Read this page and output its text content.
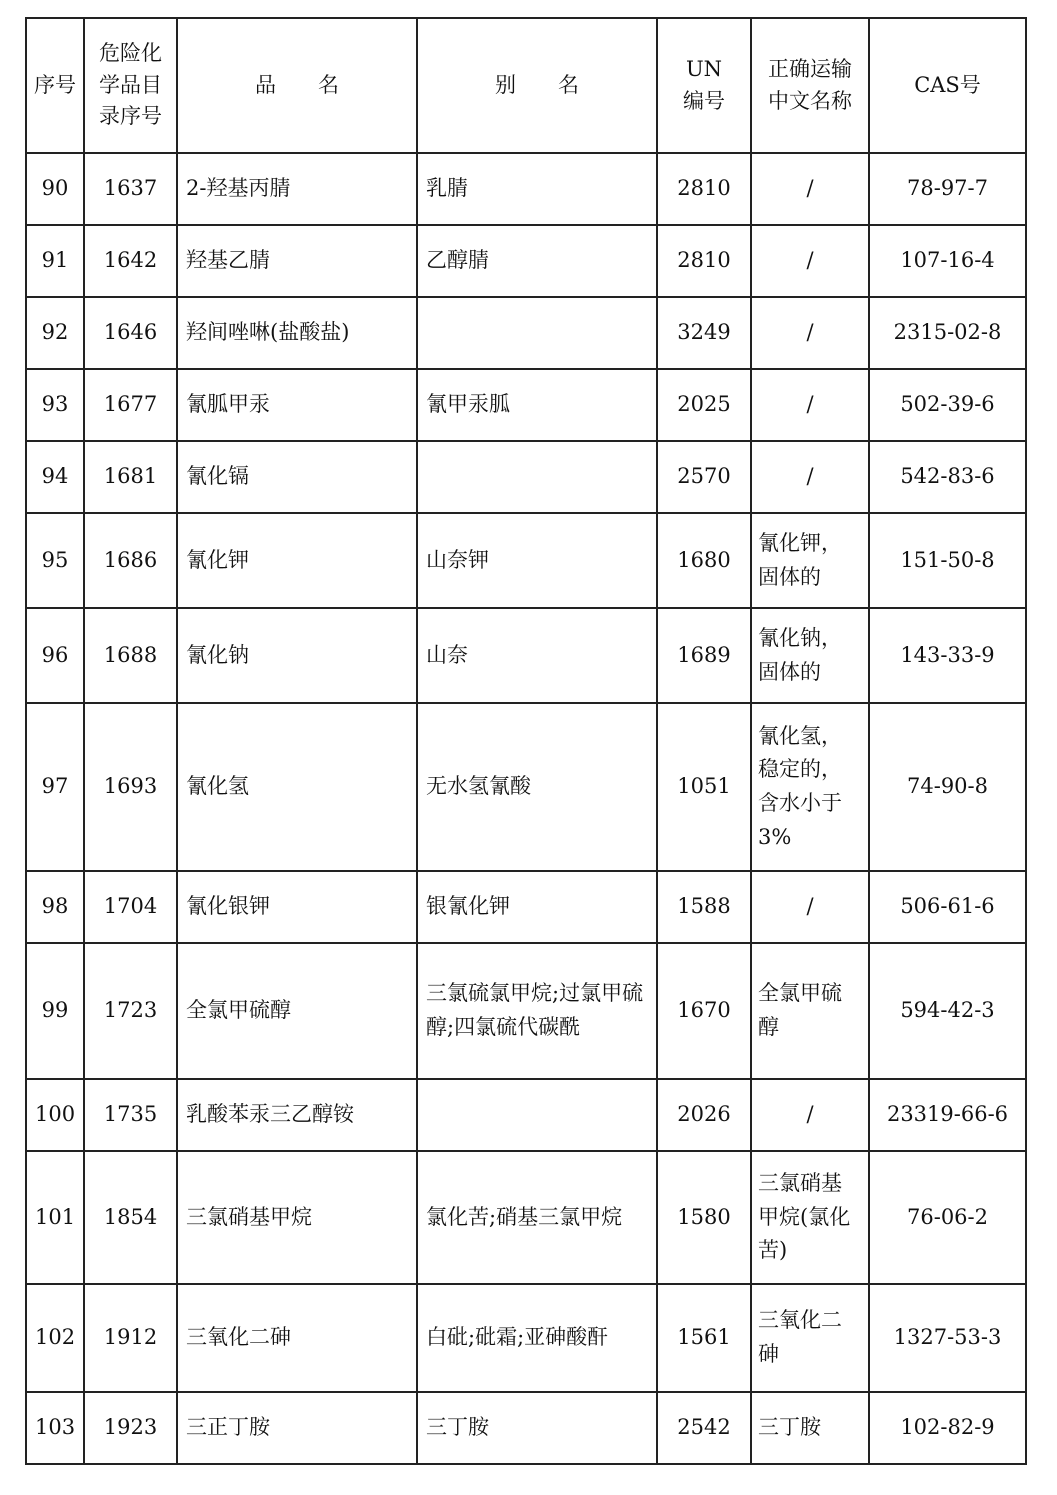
序号	危险化学品目录序号	品　　名	别　　名	UN编号	正确运输中文名称	CAS号
90	1637	2-羟基丙腈	乳腈	2810	/	78-97-7
91	1642	羟基乙腈	乙醇腈	2810	/	107-16-4
92	1646	羟间唑啉(盐酸盐)		3249	/	2315-02-8
93	1677	氰胍甲汞	氰甲汞胍	2025	/	502-39-6
94	1681	氰化镉		2570	/	542-83-6
95	1686	氰化钾	山奈钾	1680	氰化钾，固体的	151-50-8
96	1688	氰化钠	山奈	1689	氰化钠，固体的	143-33-9
97	1693	氰化氢	无水氢氰酸	1051	氰化氢，稳定的，含水小于3%	74-90-8
98	1704	氰化银钾	银氰化钾	1588	/	506-61-6
99	1723	全氯甲硫醇	三氯硫氯甲烷;过氯甲硫醇;四氯硫代碳酰	1670	全氯甲硫醇	594-42-3
100	1735	乳酸苯汞三乙醇铵		2026	/	23319-66-6
101	1854	三氯硝基甲烷	氯化苦;硝基三氯甲烷	1580	三氯硝基甲烷(氯化苦)	76-06-2
102	1912	三氧化二砷	白砒;砒霜;亚砷酸酐	1561	三氧化二砷	1327-53-3
103	1923	三正丁胺	三丁胺	2542	三丁胺	102-82-9
